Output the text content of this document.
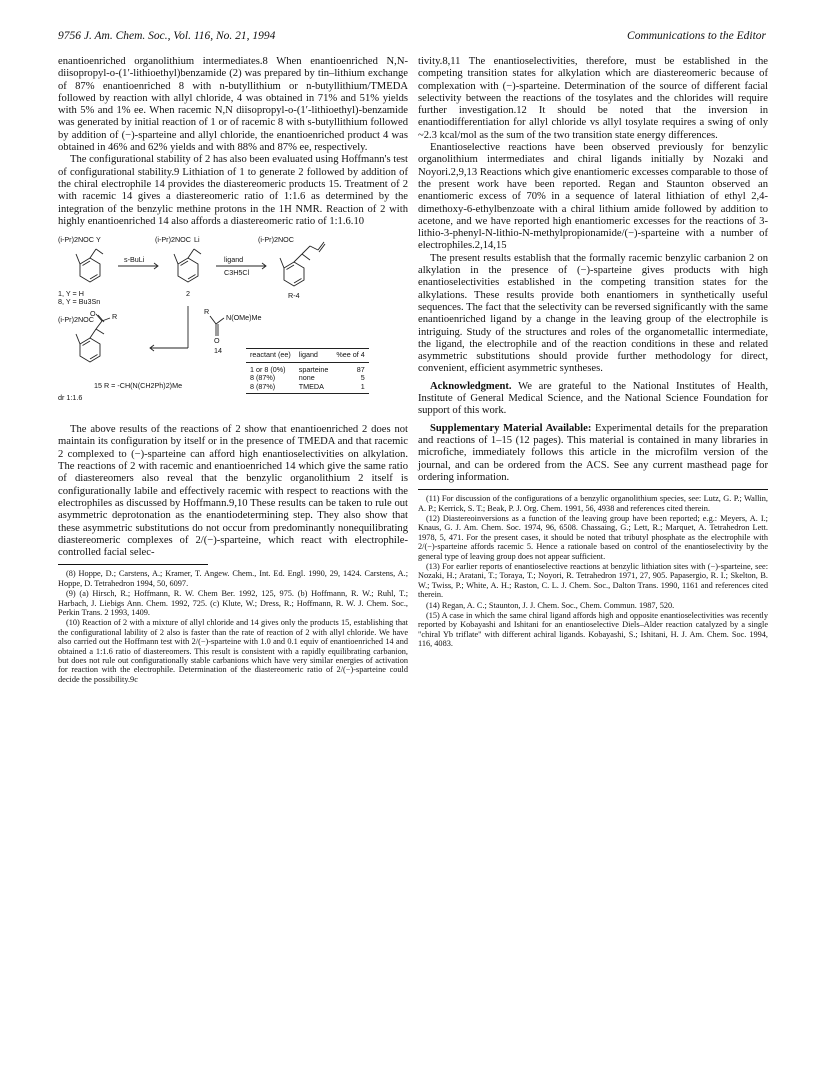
9756 J. Am. Chem. Soc., Vol. 116, No. 21, 1994	Communications to the Editor

enantioenriched organolithium intermediates.8 When enantioenriched N,N-diisopropyl-o-(1′-lithioethyl)benzamide (2) was prepared by tin–lithium exchange of 87% enantioenriched 8 with n-butyllithium or n-butyllithium/TMEDA followed by reaction with allyl chloride, 4 was obtained in 71% and 51% yields with 5% and 1% ee. When racemic N,N diisopropyl-o-(1′-lithioethyl)-benzamide was generated by initial reaction of 1 or of racemic 8 with s-butyllithium followed by addition of (−)-sparteine and allyl chloride, the enantioenriched product 4 was obtained in 46% and 62% yields and with 88% and 87% ee, respectively.

The configurational stability of 2 has also been evaluated using Hoffmann's test of configurational stability.9 Lithiation of 1 to generate 2 followed by addition of the chiral electrophile 14 provides the diastereomeric products 15. Treatment of 2 with racemic 14 gives a diastereomeric ratio of 1:1.6 as determined by the integration of the benzylic methine protons in the 1H NMR. Reaction of 2 with highly enantioenriched 14 also affords a diastereomeric ratio of 1:1.6.10

(i-Pr)2NOC Y
s-BuLi
(i-Pr)2NOC Li
ligand
C3H5Cl
(i-Pr)2NOC
1, Y = H
8, Y = Bu3Sn
2	R-4
R
N(OMe)Me
O
14
(i-Pr)2NOC	R
O
15 R = -CH(N(CH2Ph)2)Me
dr 1:1.6
reactant (ee)	ligand	%ee of 4
1 or 8 (0%)	sparteine	87
8 (87%)	none	5
8 (87%)	TMEDA	1

The above results of the reactions of 2 show that enantioenriched 2 does not maintain its configuration by itself or in the presence of TMEDA and that racemic 2 complexed to (−)-sparteine can afford high enantioselectivities on alkylation. The reactions of 2 with racemic and enantioenriched 14 which give the same ratio of diastereomers also reveal that the benzylic organolithium 2 itself is configurationally labile and effectively racemic with respect to reactions with the electrophiles as discussed by Hoffmann.9,10 These results can be taken to rule out asymmetric deprotonation as the enantiodetermining step. They also show that these asymmetric substitutions do not occur from predominantly nonequilibrating diastereomeric complexes of 2/(−)-sparteine, which react with electrophile-controlled facial selec-

(8) Hoppe, D.; Carstens, A.; Kramer, T. Angew. Chem., Int. Ed. Engl. 1990, 29, 1424. Carstens, A.; Hoppe, D. Tetrahedron 1994, 50, 6097.

(9) (a) Hirsch, R.; Hoffmann, R. W. Chem Ber. 1992, 125, 975. (b) Hoffmann, R. W.; Ruhl, T.; Harbach, J. Liebigs Ann. Chem. 1992, 725. (c) Klute, W.; Dress, R.; Hoffmann, R. W. J. Chem. Soc., Perkin Trans. 2 1993, 1409.

(10) Reaction of 2 with a mixture of allyl chloride and 14 gives only the products 15, establishing that the configurational lability of 2 also is faster than the rate of reaction of 2 with allyl chloride. We have also carried out the Hoffmann test with 2/(−)-sparteine with 1.0 and 0.1 equiv of enantioenriched 14 and obtained a 1:1.6 ratio of diastereomers. This result is consistent with a rapidly equilibrating carbanion, but does not rule out configurationally stable carbanions which have very similar energies of activation for reaction with the electrophile. Determination of the diastereomeric ratio of 2/(−)-sparteine could decide the possibility.9c

tivity.8,11 The enantioselectivities, therefore, must be established in the competing transition states for alkylation which are diastereomeric because of complexation with (−)-sparteine. Determination of the source of different facial selectivity between the reactions of the tosylates and the chlorides will require further investigation.12 It should be noted that the inversion in enantiodifferentiation for allyl chloride vs allyl tosylate requires a swing of only ~2.3 kcal/mol as the sum of the two transition state energy differences.

Enantioselective reactions have been observed previously for benzylic organolithium intermediates and chiral ligands initially by Nozaki and Noyori.2,9,13 Reactions which give enantiomeric excesses comparable to those of the present work have been reported. Regan and Staunton observed an enantiomeric excess of 70% in a sequence of lateral lithiation of ethyl 2,4-dimethoxy-6-ethylbenzoate with a chiral lithium amide followed by addition to acetone, and we have reported high enantiomeric excesses for the reactions of 3-lithio-3-phenyl-N-lithio-N-methylpropionamide/(−)-sparteine with a number of electrophiles.2,14,15

The present results establish that the formally racemic benzylic carbanion 2 on alkylation in the presence of (−)-sparteine gives products with high enantioselectivities established in the competing transition states for the alkylations. These results provide both enantiomers in synthetically useful sequences. The fact that the selectivity can be reversed significantly with the same enantioenriched ligand by a change in the leaving group of the electrophile is intriguing. Study of the structures and roles of the organometallic intermediate, the ligand, the electrophile and of the reaction conditions in these and related asymmetric substitutions should provide further methodology for direct, convenient, efficient asymmetric syntheses.

Acknowledgment. We are grateful to the National Institutes of Health, Institute of General Medical Science, and the National Science Foundation for support of this work.

Supplementary Material Available: Experimental details for the preparation and reactions of 1–15 (12 pages). This material is contained in many libraries in microfiche, immediately follows this article in the microfilm version of the journal, and can be ordered from the ACS. See any current masthead page for ordering information.

(11) For discussion of the configurations of a benzylic organolithium species, see: Lutz, G. P.; Wallin, A. P.; Kerrick, S. T.; Beak, P. J. Org. Chem. 1991, 56, 4938 and references cited therein.

(12) Diastereoinversions as a function of the leaving group have been reported; e.g.: Meyers, A. I.; Knaus, G. J. Am. Chem. Soc. 1974, 96, 6508. Chassaing, G.; Lett, R.; Marquet, A. Tetrahedron Lett. 1978, 5, 471. For the present cases, it should be noted that tributyl phosphate as the electrophile with 2/(−)-sparteine affords racemic 5. Hence a rationale based on control of the enantioselectivity by the general type of leaving group does not appear sufficient.

(13) For earlier reports of enantioselective reactions at benzylic lithiation sites with (−)-sparteine, see: Nozaki, H.; Aratani, T.; Toraya, T.; Noyori, R. Tetrahedron 1971, 27, 905. Papasergio, R. I.; Skelton, B. W.; Twiss, P.; White, A. H.; Raston, C. L. J. Chem. Soc., Dalton Trans. 1990, 1161 and references cited therein.

(14) Regan, A. C.; Staunton, J. J. Chem. Soc., Chem. Commun. 1987, 520.

(15) A case in which the same chiral ligand affords high and opposite enantioselectivities was recently reported by Kobayashi and Ishitani for an enantioselective Diels–Alder reaction catalyzed by a single "chiral Yb triflate" with different achiral ligands. Kobayashi, S.; Ishitani, H. J. Am. Chem. Soc. 1994, 116, 4083.
